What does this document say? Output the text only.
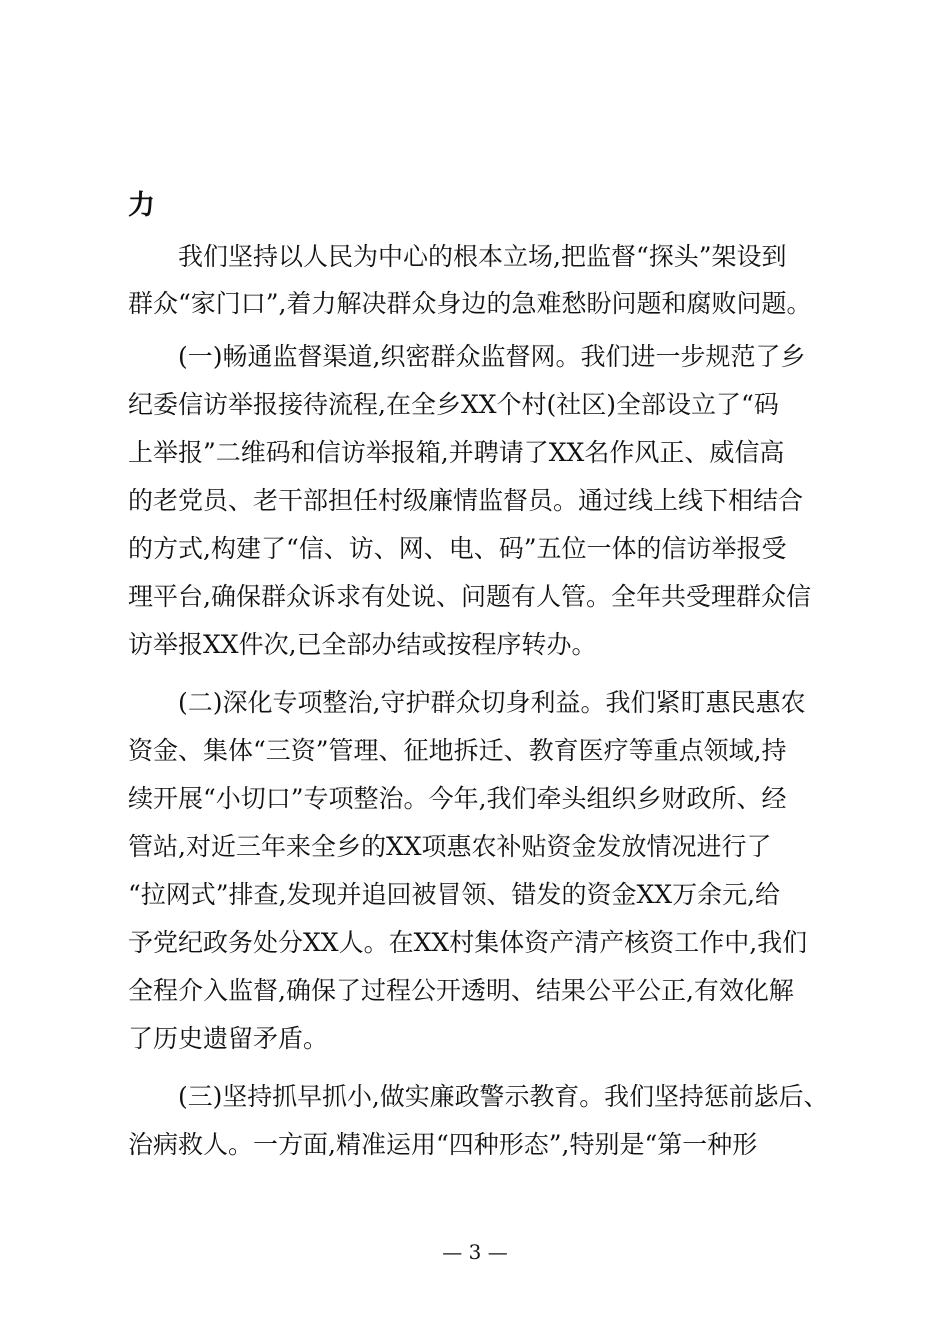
力
我们坚持以人民为中心的根本立场,把监督“探头”架设到
群众“家门口”,着力解决群众身边的急难愁盼问题和腐败问题。
(一)畅通监督渠道,织密群众监督网。我们进一步规范了乡
纪委信访举报接待流程,在全乡XX个村(社区)全部设立了“码
上举报”二维码和信访举报箱,并聘请了XX名作风正、威信高
的老党员、老干部担任村级廉情监督员。通过线上线下相结合
的方式,构建了“信、访、网、电、码”五位一体的信访举报受
理平台,确保群众诉求有处说、问题有人管。全年共受理群众信
访举报XX件次,已全部办结或按程序转办。
(二)深化专项整治,守护群众切身利益。我们紧盯惠民惠农
资金、集体“三资”管理、征地拆迁、教育医疗等重点领域,持
续开展“小切口”专项整治。今年,我们牵头组织乡财政所、经
管站,对近三年来全乡的XX项惠农补贴资金发放情况进行了
“拉网式”排查,发现并追回被冒领、错发的资金XX万余元,给
予党纪政务处分XX人。在XX村集体资产清产核资工作中,我们
全程介入监督,确保了过程公开透明、结果公平公正,有效化解
了历史遗留矛盾。
(三)坚持抓早抓小,做实廉政警示教育。我们坚持惩前毖后、
治病救人。一方面,精准运用“四种形态”,特别是“第一种形
— 3 —
